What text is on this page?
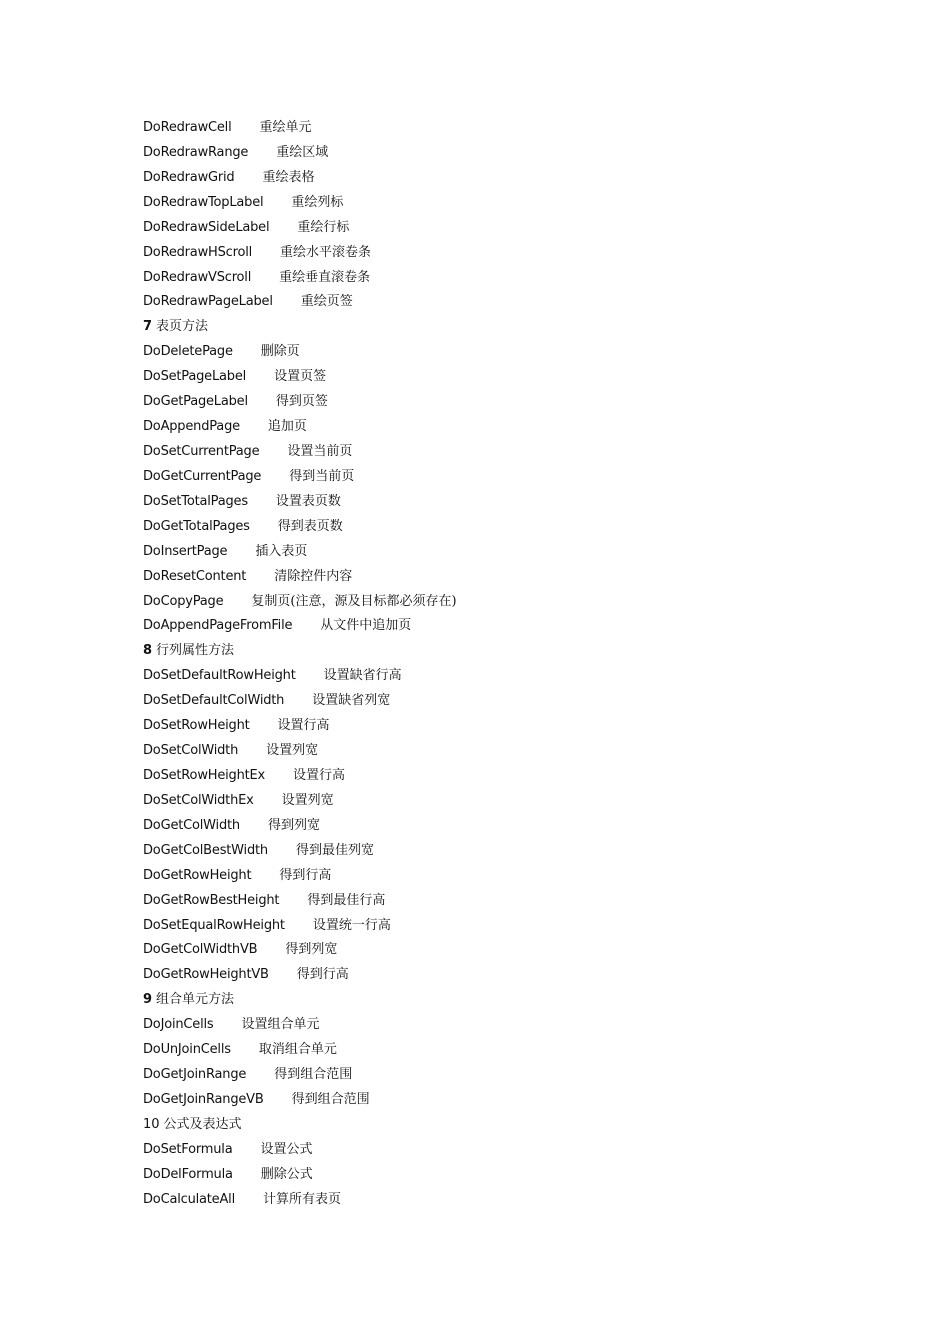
DoRedrawCell 重绘单元
DoRedrawRange 重绘区域
DoRedrawGrid 重绘表格
DoRedrawTopLabel 重绘列标
DoRedrawSideLabel 重绘行标
DoRedrawHScroll 重绘水平滚卷条
DoRedrawVScroll 重绘垂直滚卷条
DoRedrawPageLabel 重绘页签
7 表页方法
DoDeletePage 删除页
DoSetPageLabel 设置页签
DoGetPageLabel 得到页签
DoAppendPage 追加页
DoSetCurrentPage 设置当前页
DoGetCurrentPage 得到当前页
DoSetTotalPages 设置表页数
DoGetTotalPages 得到表页数
DoInsertPage 插入表页
DoResetContent 清除控件内容
DoCopyPage 复制页(注意，源及目标都必须存在)
DoAppendPageFromFile 从文件中追加页
8 行列属性方法
DoSetDefaultRowHeight 设置缺省行高
DoSetDefaultColWidth 设置缺省列宽
DoSetRowHeight 设置行高
DoSetColWidth 设置列宽
DoSetRowHeightEx 设置行高
DoSetColWidthEx 设置列宽
DoGetColWidth 得到列宽
DoGetColBestWidth 得到最佳列宽
DoGetRowHeight 得到行高
DoGetRowBestHeight 得到最佳行高
DoSetEqualRowHeight 设置统一行高
DoGetColWidthVB 得到列宽
DoGetRowHeightVB 得到行高
9 组合单元方法
DoJoinCells 设置组合单元
DoUnJoinCells 取消组合单元
DoGetJoinRange 得到组合范围
DoGetJoinRangeVB 得到组合范围
10 公式及表达式
DoSetFormula 设置公式
DoDelFormula 删除公式
DoCalculateAll 计算所有表页
